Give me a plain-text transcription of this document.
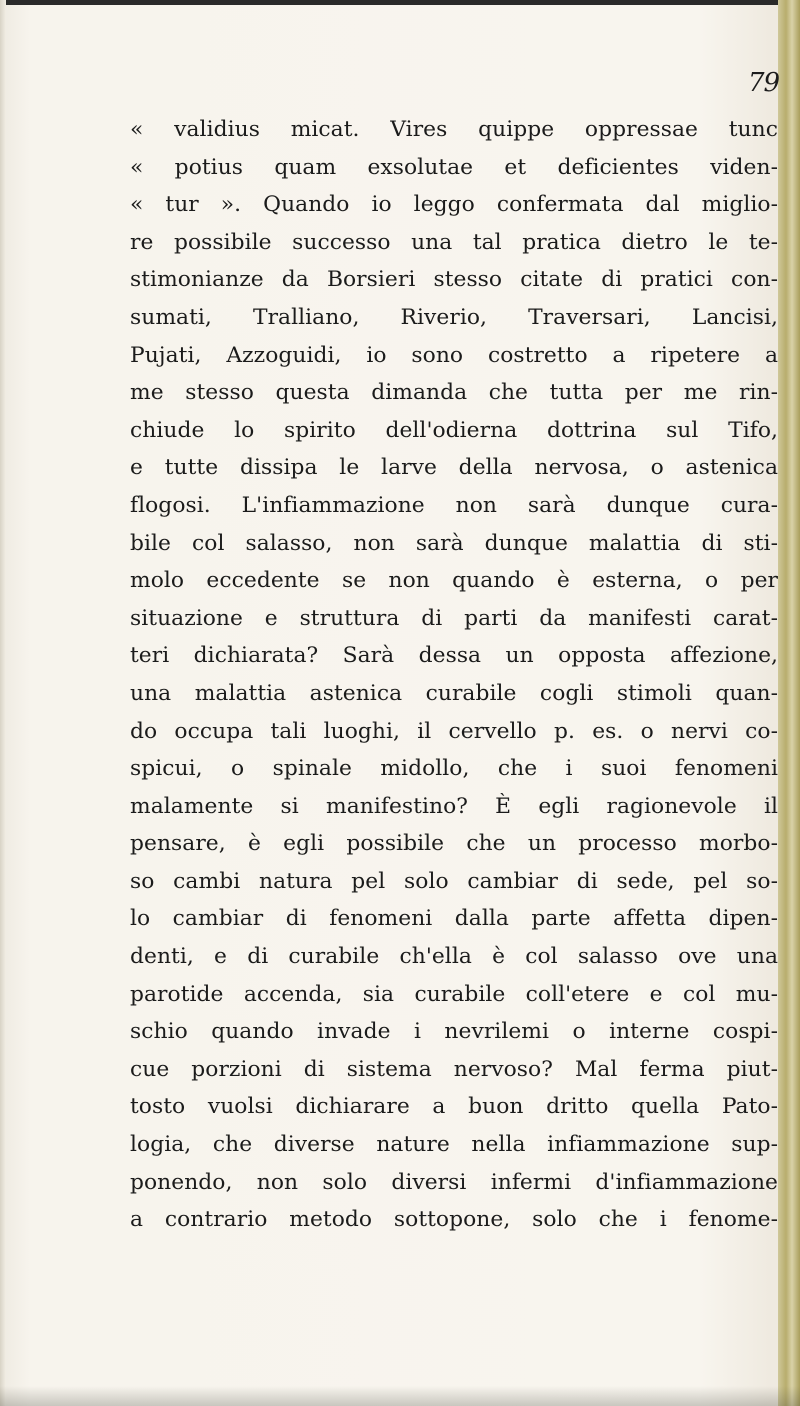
79
« validius micat. Vires quippe oppressae tunc
« potius quam exsolutae et deficientes viden-
« tur ». Quando io leggo confermata dal miglio-
re possibile successo una tal pratica dietro le te-
stimonianze da Borsieri stesso citate di pratici con-
sumati, Tralliano, Riverio, Traversari, Lancisi,
Pujati, Azzoguidi, io sono costretto a ripetere a
me stesso questa dimanda che tutta per me rin-
chiude lo spirito dell'odierna dottrina sul Tifo,
e tutte dissipa le larve della nervosa, o astenica
flogosi. L'infiammazione non sarà dunque cura-
bile col salasso, non sarà dunque malattia di sti-
molo eccedente se non quando è esterna, o per
situazione e struttura di parti da manifesti carat-
teri dichiarata? Sarà dessa un opposta affezione,
una malattia astenica curabile cogli stimoli quan-
do occupa tali luoghi, il cervello p. es. o nervi co-
spicui, o spinale midollo, che i suoi fenomeni
malamente si manifestino? È egli ragionevole il
pensare, è egli possibile che un processo morbo-
so cambi natura pel solo cambiar di sede, pel so-
lo cambiar di fenomeni dalla parte affetta dipen-
denti, e di curabile ch'ella è col salasso ove una
parotide accenda, sia curabile coll'etere e col mu-
schio quando invade i nevrilemi o interne cospi-
cue porzioni di sistema nervoso? Mal ferma piut-
tosto vuolsi dichiarare a buon dritto quella Pato-
logia, che diverse nature nella infiammazione sup-
ponendo, non solo diversi infermi d'infiammazione
a contrario metodo sottopone, solo che i fenome-
